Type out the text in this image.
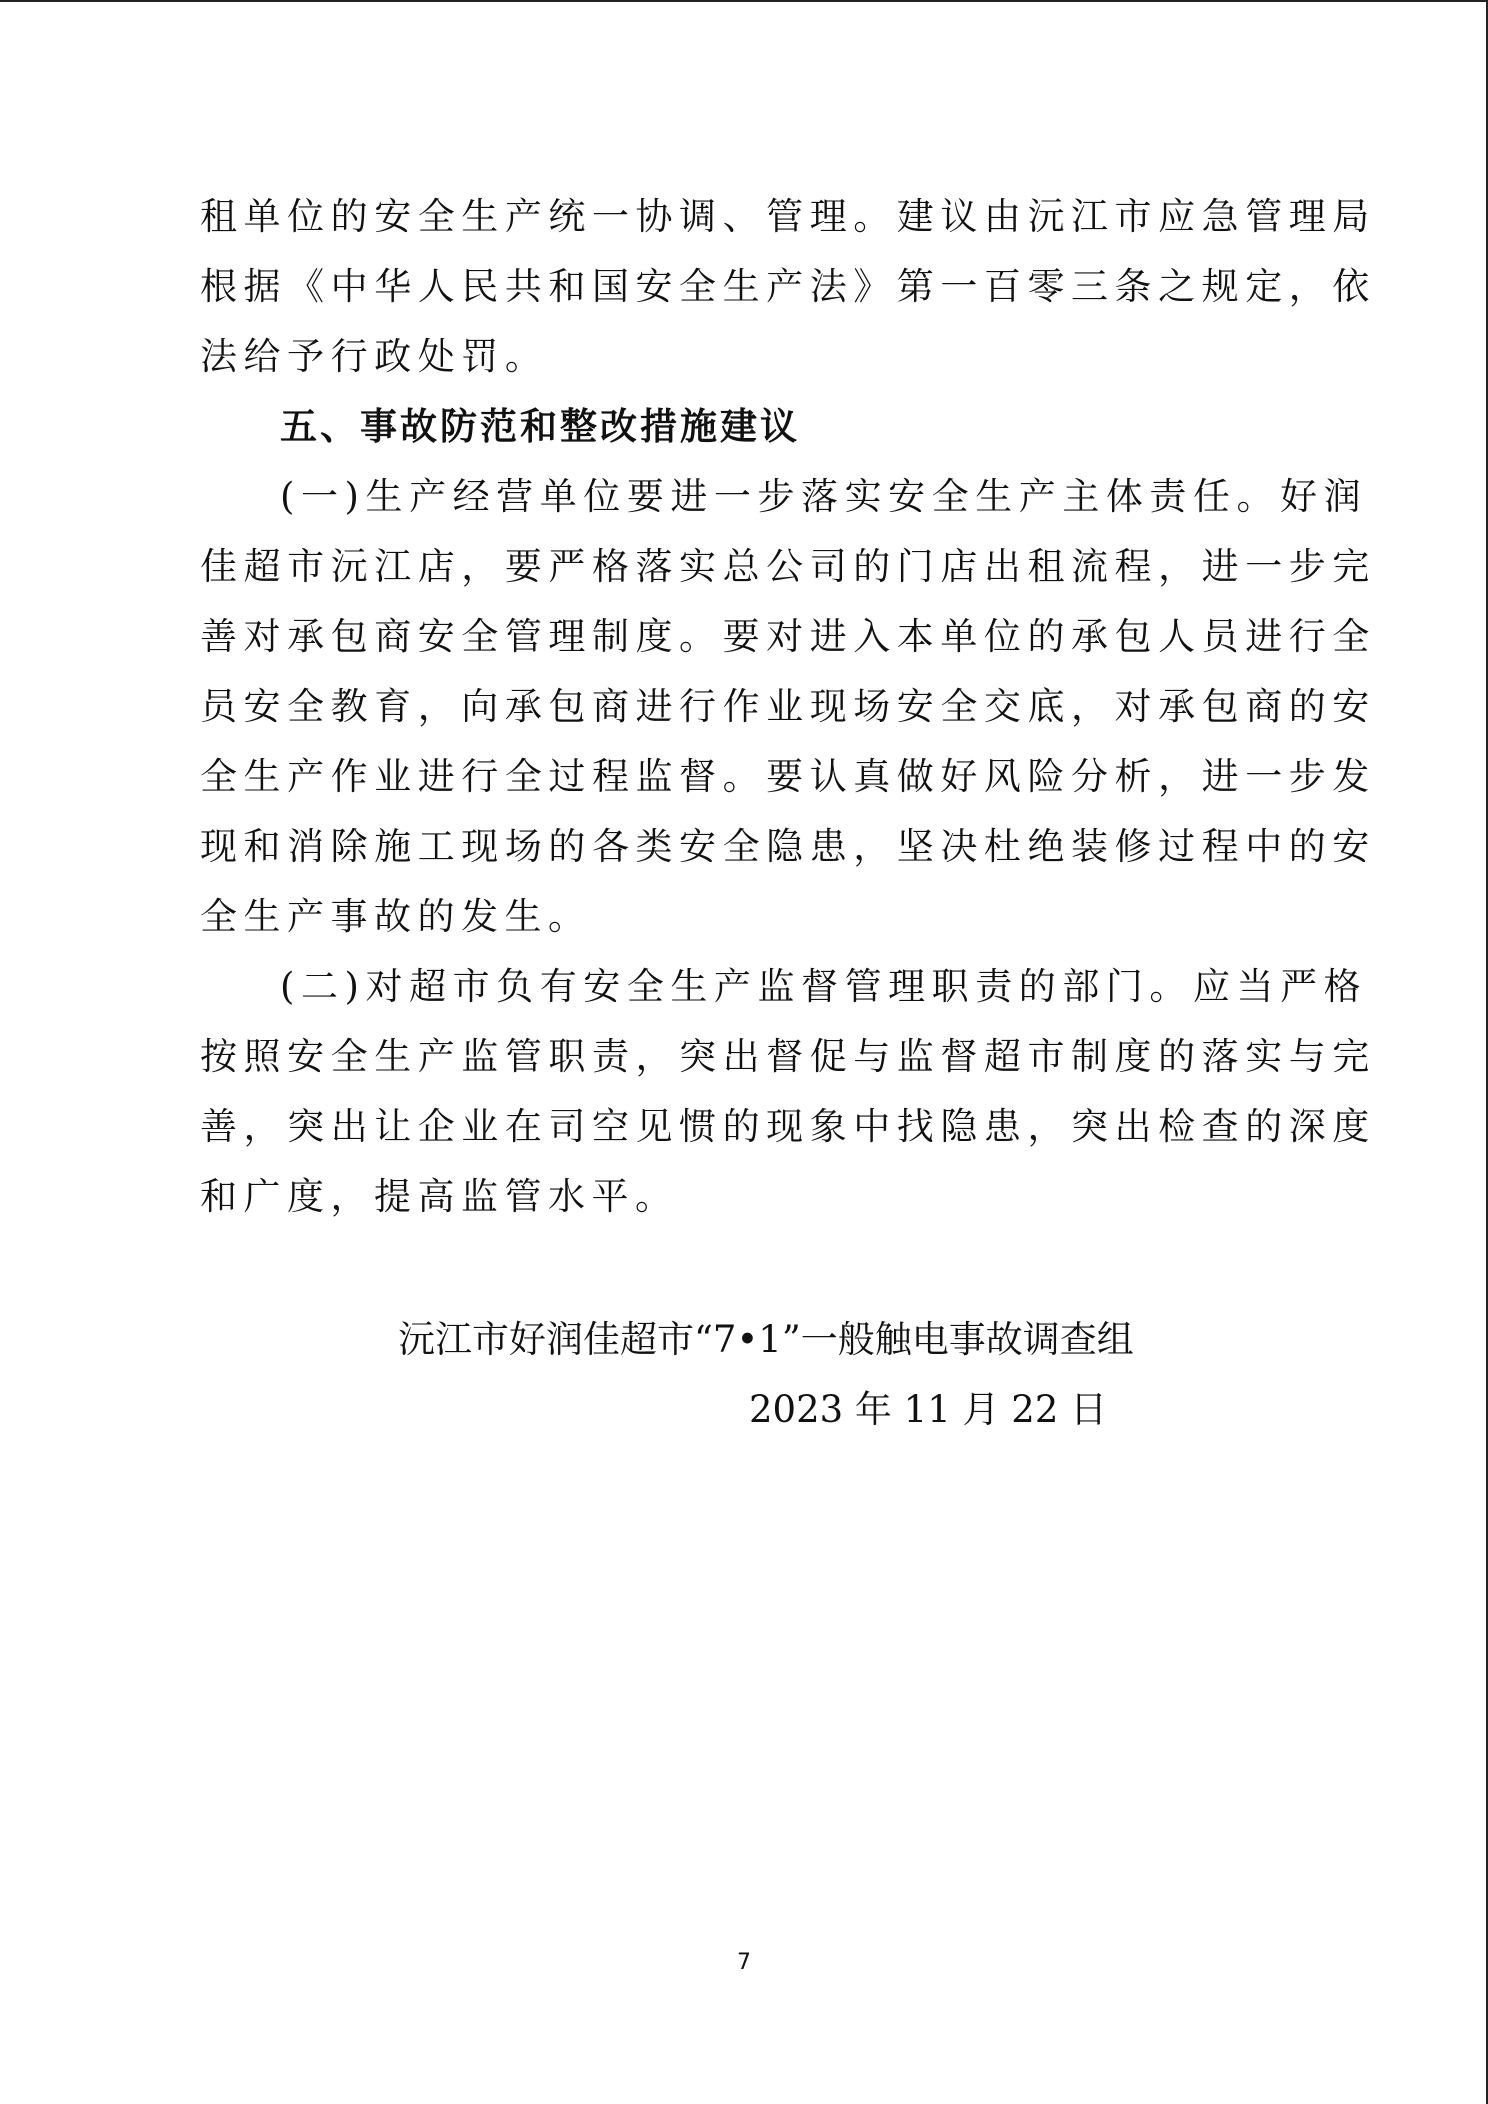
租单位的安全生产统一协调、管理。建议由沅江市应急管理局
根据《中华人民共和国安全生产法》第一百零三条之规定，依
法给予行政处罚。
五、事故防范和整改措施建议
(一)生产经营单位要进一步落实安全生产主体责任。好润
佳超市沅江店，要严格落实总公司的门店出租流程，进一步完
善对承包商安全管理制度。要对进入本单位的承包人员进行全
员安全教育，向承包商进行作业现场安全交底，对承包商的安
全生产作业进行全过程监督。要认真做好风险分析，进一步发
现和消除施工现场的各类安全隐患，坚决杜绝装修过程中的安
全生产事故的发生。
(二)对超市负有安全生产监督管理职责的部门。应当严格
按照安全生产监管职责，突出督促与监督超市制度的落实与完
善，突出让企业在司空见惯的现象中找隐患，突出检查的深度
和广度，提高监管水平。
沅江市好润佳超市“7•1”一般触电事故调查组
2023 年 11 月 22 日
7
